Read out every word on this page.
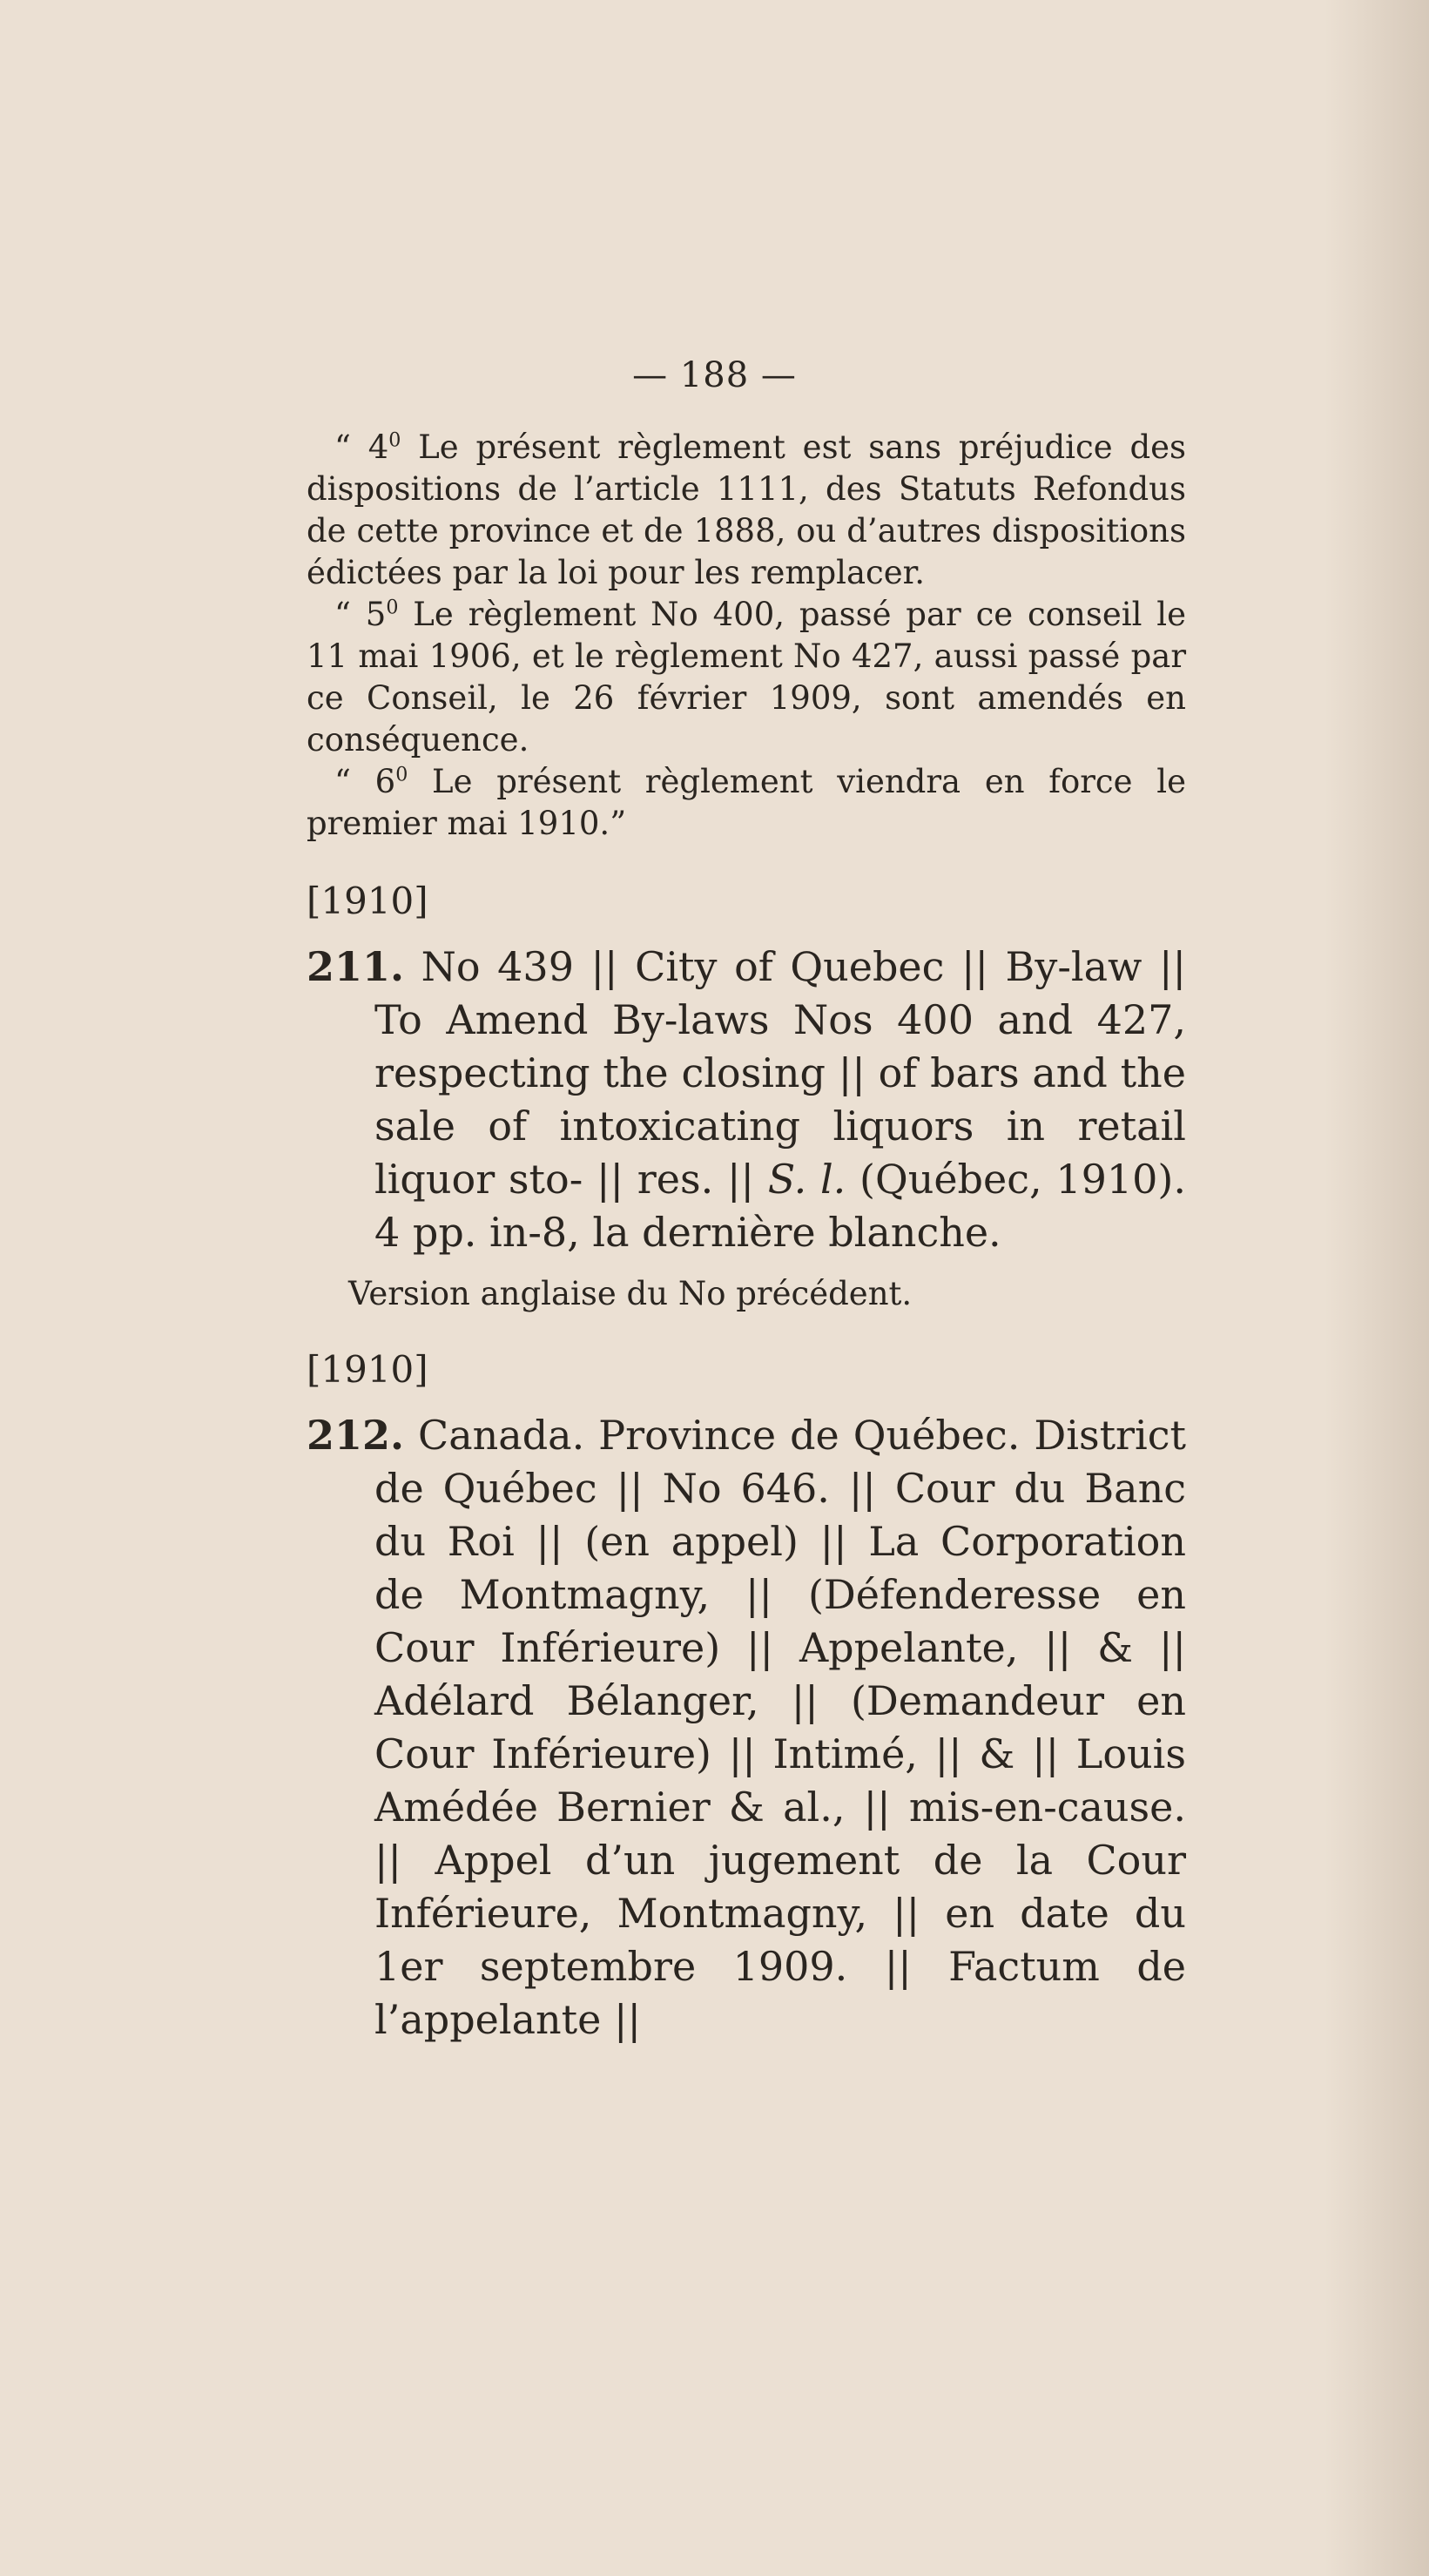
— 188 —

“ $4^0$ Le présent règlement est sans préjudice des dispositions de l’article 1111, des Statuts Refondus de cette province et de 1888, ou d’autres dispositions édictées par la loi pour les remplacer.

“ $5^0$ Le règlement No 400, passé par ce conseil le 11 mai 1906, et le règlement No 427, aussi passé par ce Conseil, le 26 février 1909, sont amendés en conséquence.

“ $6^0$ Le présent règlement viendra en force le premier mai 1910.”

[1910]

211. No 439 || City of Quebec || By-law || To Amend By-laws Nos 400 and 427, respecting the closing || of bars and the sale of intoxicating liquors in retail liquor sto- || res. || S. l. (Québec, 1910). 4 pp. in-8, la dernière blanche.

Version anglaise du No précédent.
[1910]

212. Canada. Province de Québec. District de Québec || No 646. || Cour du Banc du Roi || (en appel) || La Corporation de Montmagny, || (Défenderesse en Cour Inférieure) || Appelante, || & || Adélard Bélanger, || (Demandeur en Cour Inférieure) || Intimé, || & || Louis Amédée Bernier & al., || mis-en-cause. || Appel d’un jugement de la Cour Inférieure, Montmagny, || en date du 1er septembre 1909. || Factum de l’appelante ||
